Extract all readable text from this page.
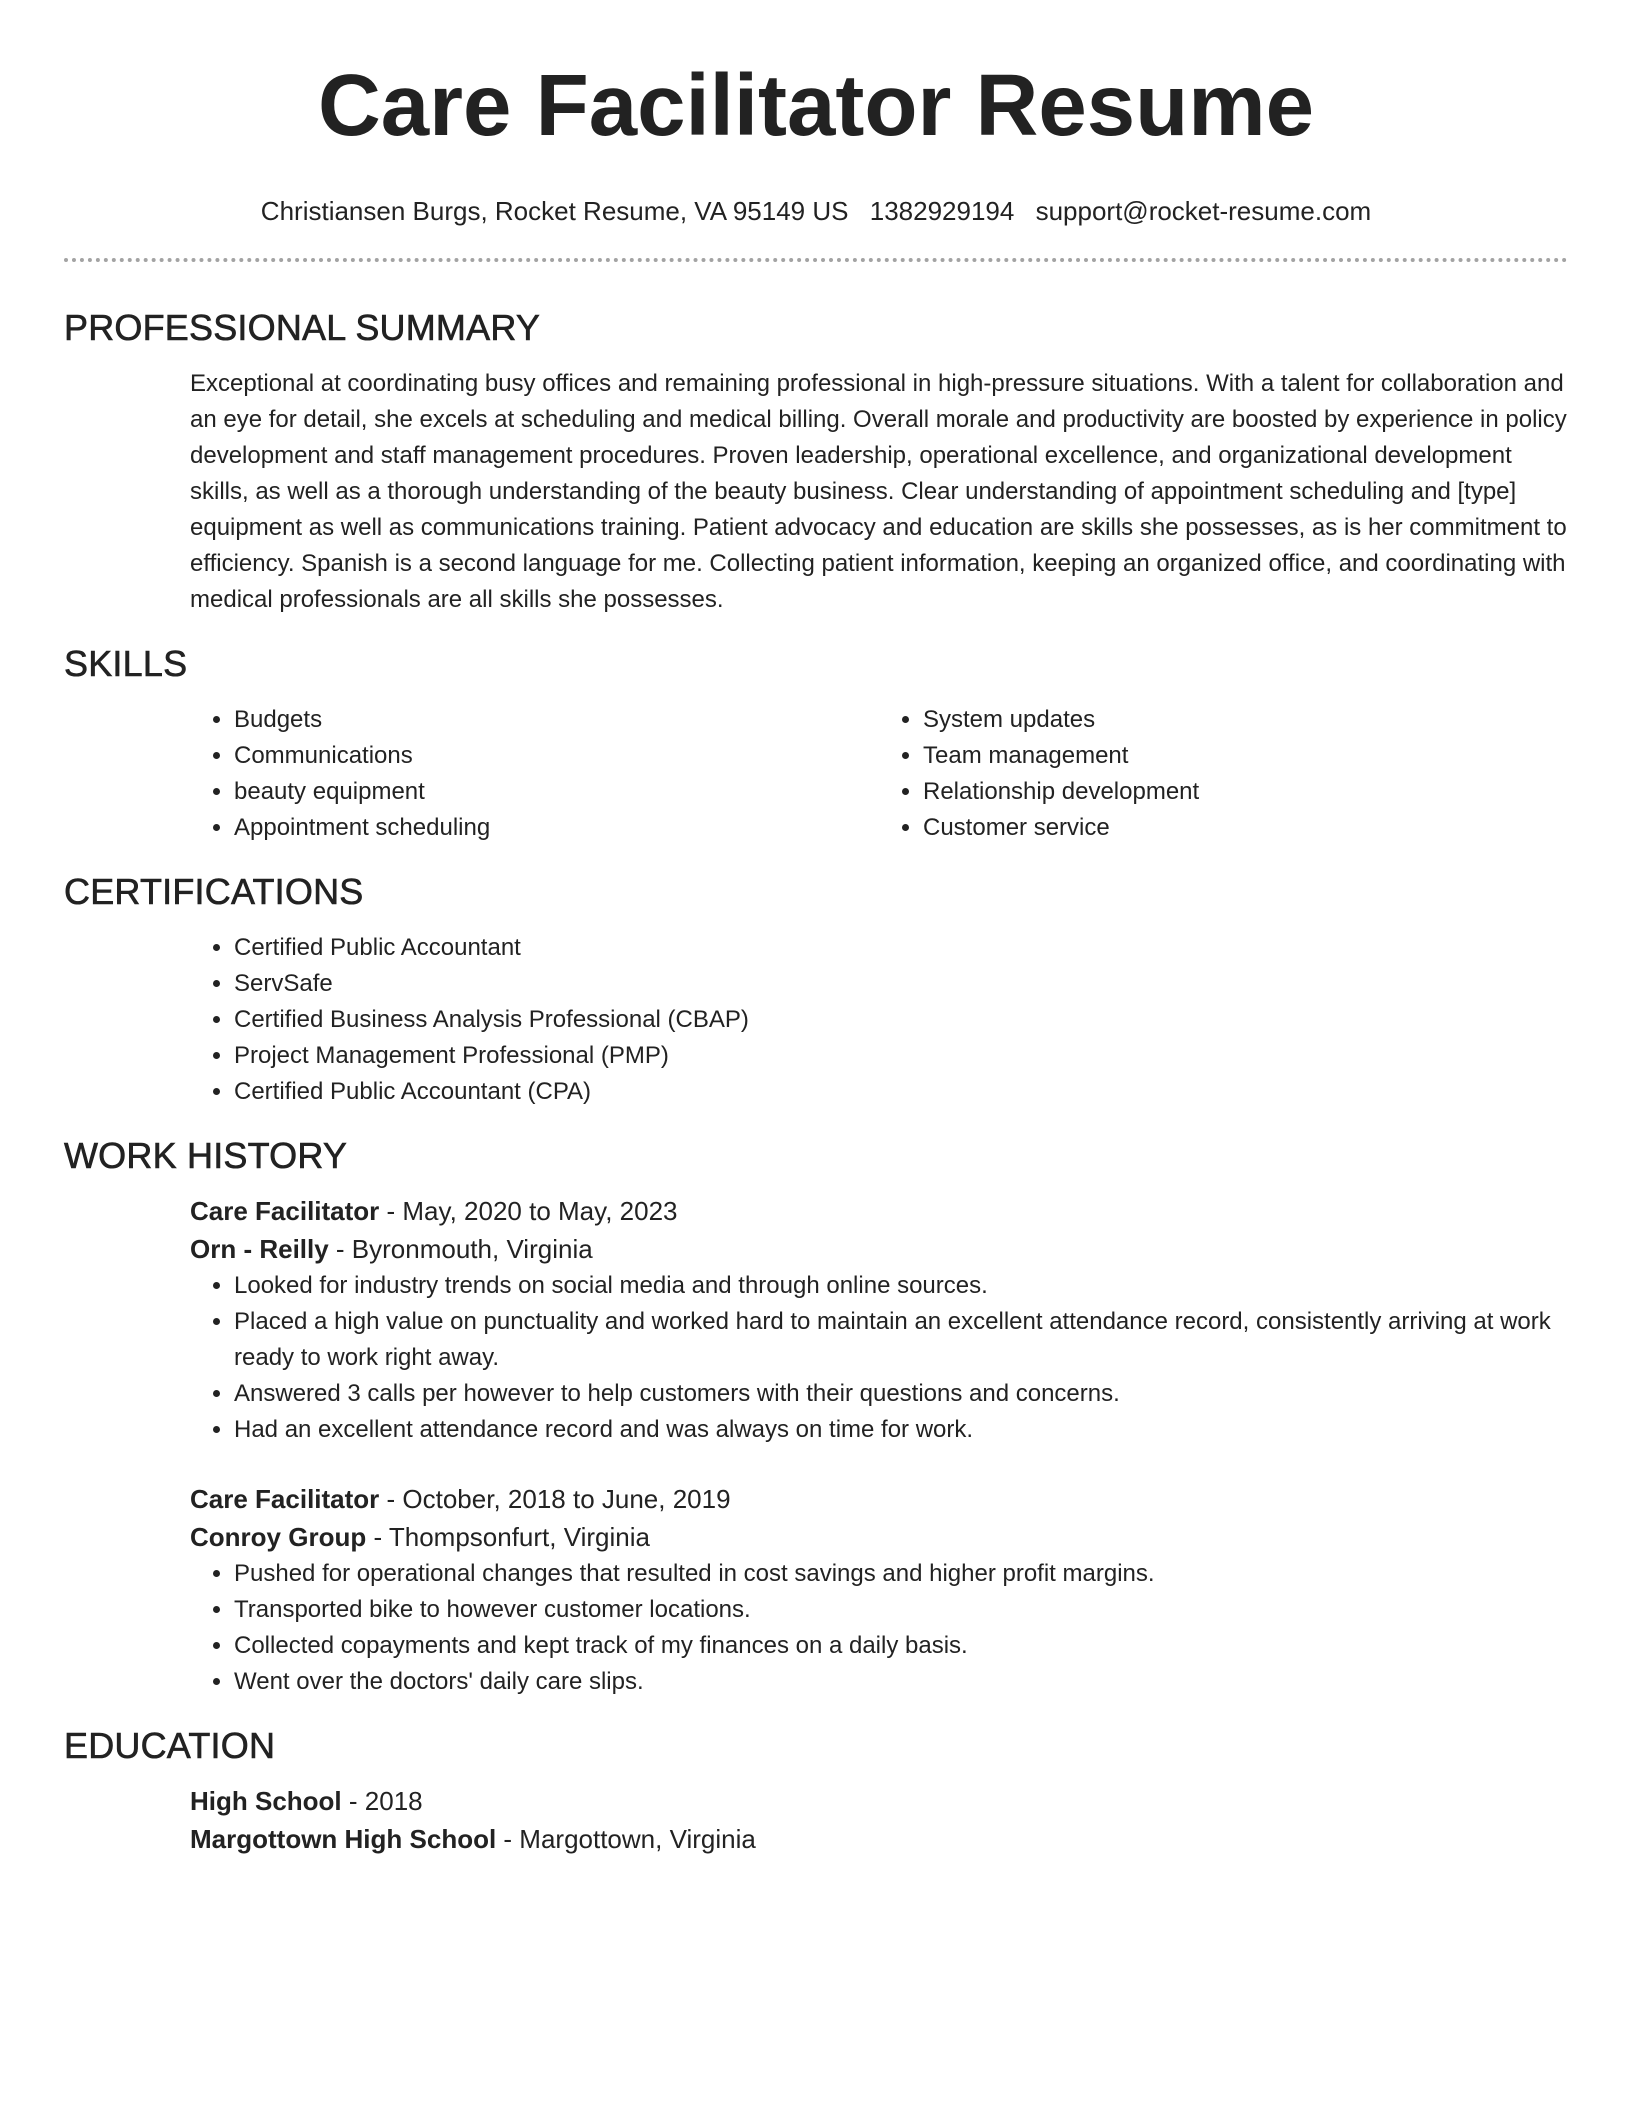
Care Facilitator Resume
Christiansen Burgs, Rocket Resume, VA 95149 US 1382929194 support@rocket-resume.com
PROFESSIONAL SUMMARY

Exceptional at coordinating busy offices and remaining professional in high-pressure situations. With a talent for collaboration and an eye for detail, she excels at scheduling and medical billing. Overall morale and productivity are boosted by experience in policy development and staff management procedures. Proven leadership, operational excellence, and organizational development skills, as well as a thorough understanding of the beauty business. Clear understanding of appointment scheduling and [type] equipment as well as communications training. Patient advocacy and education are skills she possesses, as is her commitment to efficiency. Spanish is a second language for me. Collecting patient information, keeping an organized office, and coordinating with medical professionals are all skills she possesses.

SKILLS
• Budgets
• Communications
• beauty equipment
• Appointment scheduling
• System updates
• Team management
• Relationship development
• Customer service
CERTIFICATIONS
• Certified Public Accountant
• ServSafe
• Certified Business Analysis Professional (CBAP)
• Project Management Professional (PMP)
• Certified Public Accountant (CPA)
WORK HISTORY
Care Facilitator - May, 2020 to May, 2023
Orn - Reilly - Byronmouth, Virginia
• Looked for industry trends on social media and through online sources.
• Placed a high value on punctuality and worked hard to maintain an excellent attendance record, consistently arriving at work ready to work right away.
• Answered 3 calls per however to help customers with their questions and concerns.
• Had an excellent attendance record and was always on time for work.
Care Facilitator - October, 2018 to June, 2019
Conroy Group - Thompsonfurt, Virginia
• Pushed for operational changes that resulted in cost savings and higher profit margins.
• Transported bike to however customer locations.
• Collected copayments and kept track of my finances on a daily basis.
• Went over the doctors' daily care slips.
EDUCATION
High School - 2018
Margottown High School - Margottown, Virginia
